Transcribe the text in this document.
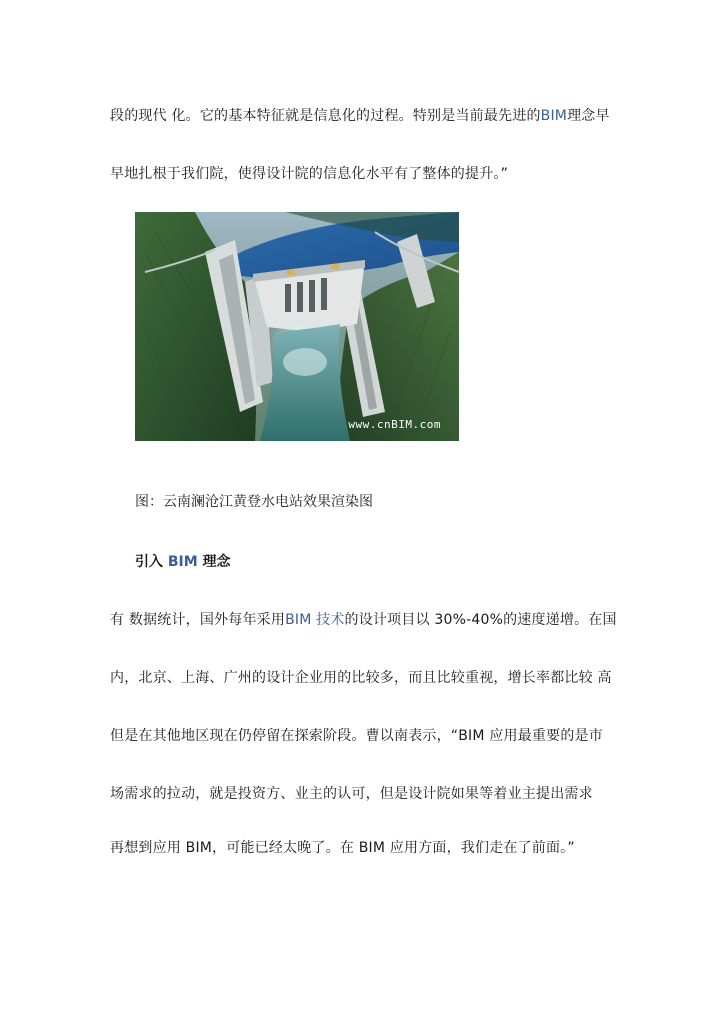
段的现代 化。它的基本特征就是信息化的过程。特别是当前最先进的BIM理念早
早地扎根于我们院，使得设计院的信息化水平有了整体的提升。”
www.cnBIM.com
图：云南澜沧江黄登水电站效果渲染图
引入 BIM 理念
有 数据统计，国外每年采用BIM 技术的设计项目以 30%-40%的速度递增。在国
内，北京、上海、广州的设计企业用的比较多，而且比较重视，增长率都比较 高
但是在其他地区现在仍停留在探索阶段。曹以南表示，“BIM 应用最重要的是市
场需求的拉动，就是投资方、业主的认可，但是设计院如果等着业主提出需求
再想到应用 BIM，可能已经太晚了。在 BIM 应用方面，我们走在了前面。”
